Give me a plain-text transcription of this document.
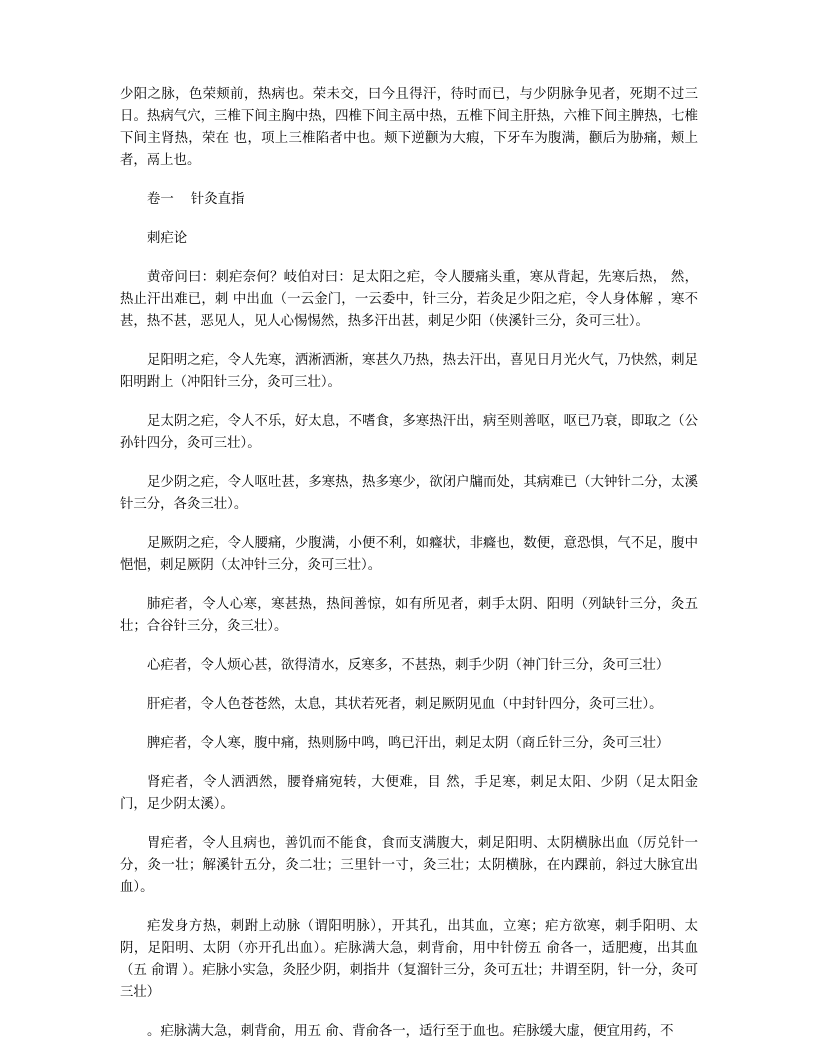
少阳之脉，色荣颊前，热病也。荣未交，曰今且得汗，待时而已，与少阴脉争见者，死期不过三日。热病气穴，三椎下间主胸中热，四椎下间主鬲中热，五椎下间主肝热，六椎下间主脾热，七椎下间主肾热，荣在 也，项上三椎陷者中也。颊下逆颧为大瘕，下牙车为腹满，颧后为胁痛，颊上者，鬲上也。

卷一    针灸直指

刺疟论

黄帝问曰：刺疟奈何？岐伯对曰：足太阳之疟，令人腰痛头重，寒从背起，先寒后热， 然，热止汗出难已，刺 中出血（一云金门，一云委中，针三分，若灸足少阳之疟，令人身体解 ，寒不甚，热不甚，恶见人，见人心惕惕然，热多汗出甚，刺足少阳（侠溪针三分，灸可三壮）。

足阳明之疟，令人先寒，洒淅洒淅，寒甚久乃热，热去汗出，喜见日月光火气，乃快然，刺足阳明跗上（冲阳针三分，灸可三壮）。

足太阴之疟，令人不乐，好太息，不嗜食，多寒热汗出，病至则善呕，呕已乃衰，即取之（公孙针四分，灸可三壮）。

足少阴之疟，令人呕吐甚，多寒热，热多寒少，欲闭户牖而处，其病难已（大钟针二分，太溪针三分，各灸三壮）。

足厥阴之疟，令人腰痛，少腹满，小便不利，如癃状，非癃也，数便，意恐惧，气不足，腹中悒悒，刺足厥阴（太冲针三分，灸可三壮）。

肺疟者，令人心寒，寒甚热，热间善惊，如有所见者，刺手太阴、阳明（列缺针三分，灸五壮；合谷针三分，灸三壮）。

心疟者，令人烦心甚，欲得清水，反寒多，不甚热，刺手少阴（神门针三分，灸可三壮）

肝疟者，令人色苍苍然，太息，其状若死者，刺足厥阴见血（中封针四分，灸可三壮）。

脾疟者，令人寒，腹中痛，热则肠中鸣，鸣已汗出，刺足太阴（商丘针三分，灸可三壮）

肾疟者，令人洒洒然，腰脊痛宛转，大便难，目 然，手足寒，刺足太阳、少阴（足太阳金门，足少阴太溪）。

胃疟者，令人且病也，善饥而不能食，食而支满腹大，刺足阳明、太阴横脉出血（厉兑针一分，灸一壮；解溪针五分，灸二壮；三里针一寸，灸三壮；太阴横脉，在内踝前，斜过大脉宜出血）。

疟发身方热，刺跗上动脉（谓阳明脉），开其孔，出其血，立寒；疟方欲寒，刺手阳明、太阴，足阳明、太阴（亦开孔出血）。疟脉满大急，刺背俞，用中针傍五 俞各一，适肥瘦，出其血（五 俞谓 ）。疟脉小实急，灸胫少阴，刺指井（复溜针三分，灸可五壮；井谓至阴，针一分，灸可三壮）

。疟脉满大急，刺背俞，用五 俞、背俞各一，适行至于血也。疟脉缓大虚，便宜用药，不
